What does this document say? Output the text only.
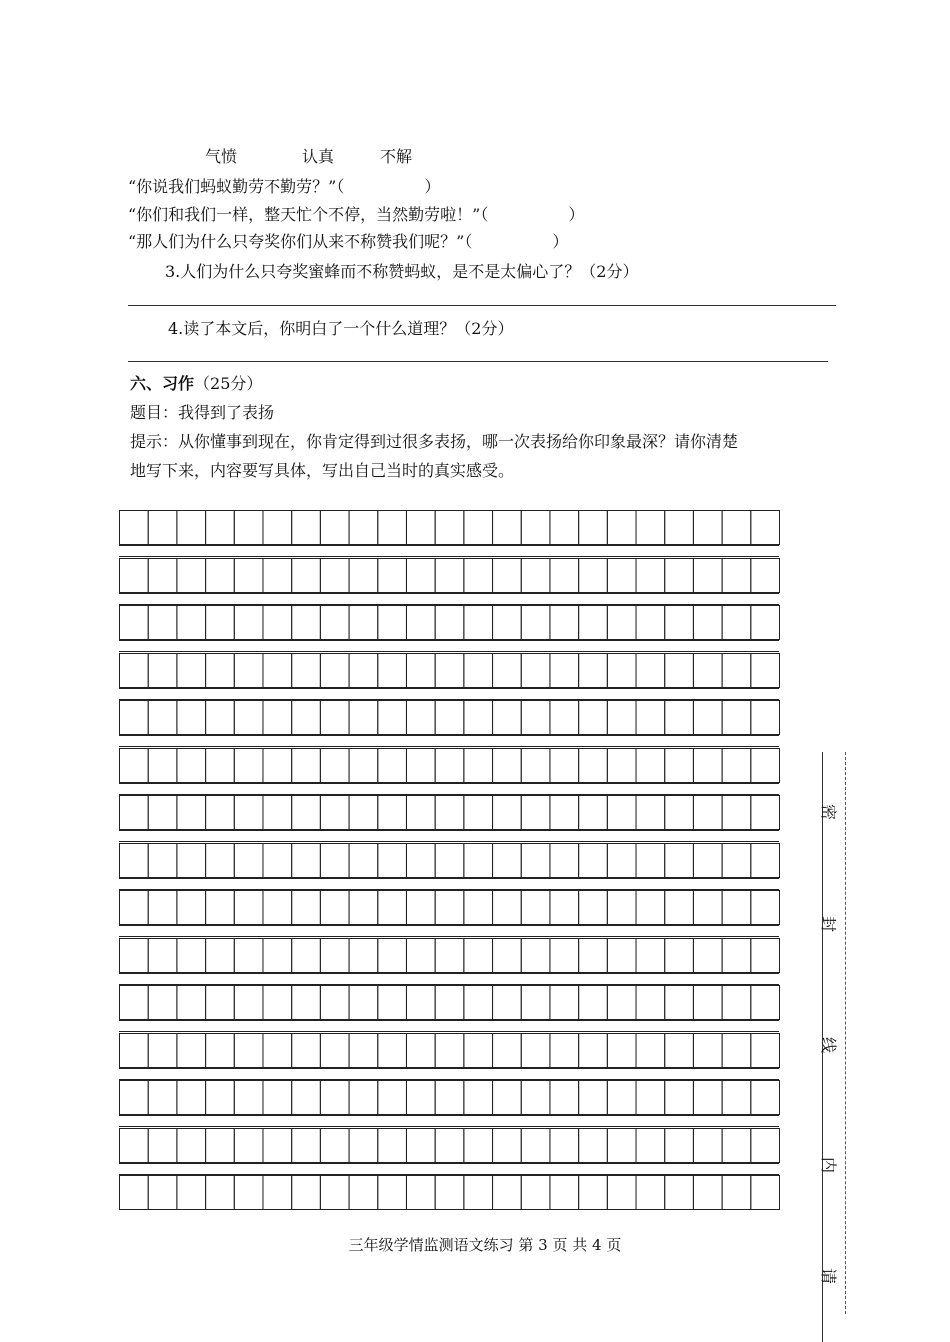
气愤	认真	不解
“你说我们蚂蚁勤劳不勤劳？”（　　　　　）
“你们和我们一样，整天忙个不停，当然勤劳啦！”（　　　　　）
“那人们为什么只夸奖你们从来不称赞我们呢？”（　　　　　）
3.人们为什么只夸奖蜜蜂而不称赞蚂蚁，是不是太偏心了？（2分）
4.读了本文后，你明白了一个什么道理？（2分）
六、习作（25分）
题目：我得到了表扬
提示：从你懂事到现在，你肯定得到过很多表扬，哪一次表扬给你印象最深？请你清楚
地写下来，内容要写具体，写出自己当时的真实感受。
密
封
线
内
请
三年级学情监测语文练习 第 3 页 共 4 页
